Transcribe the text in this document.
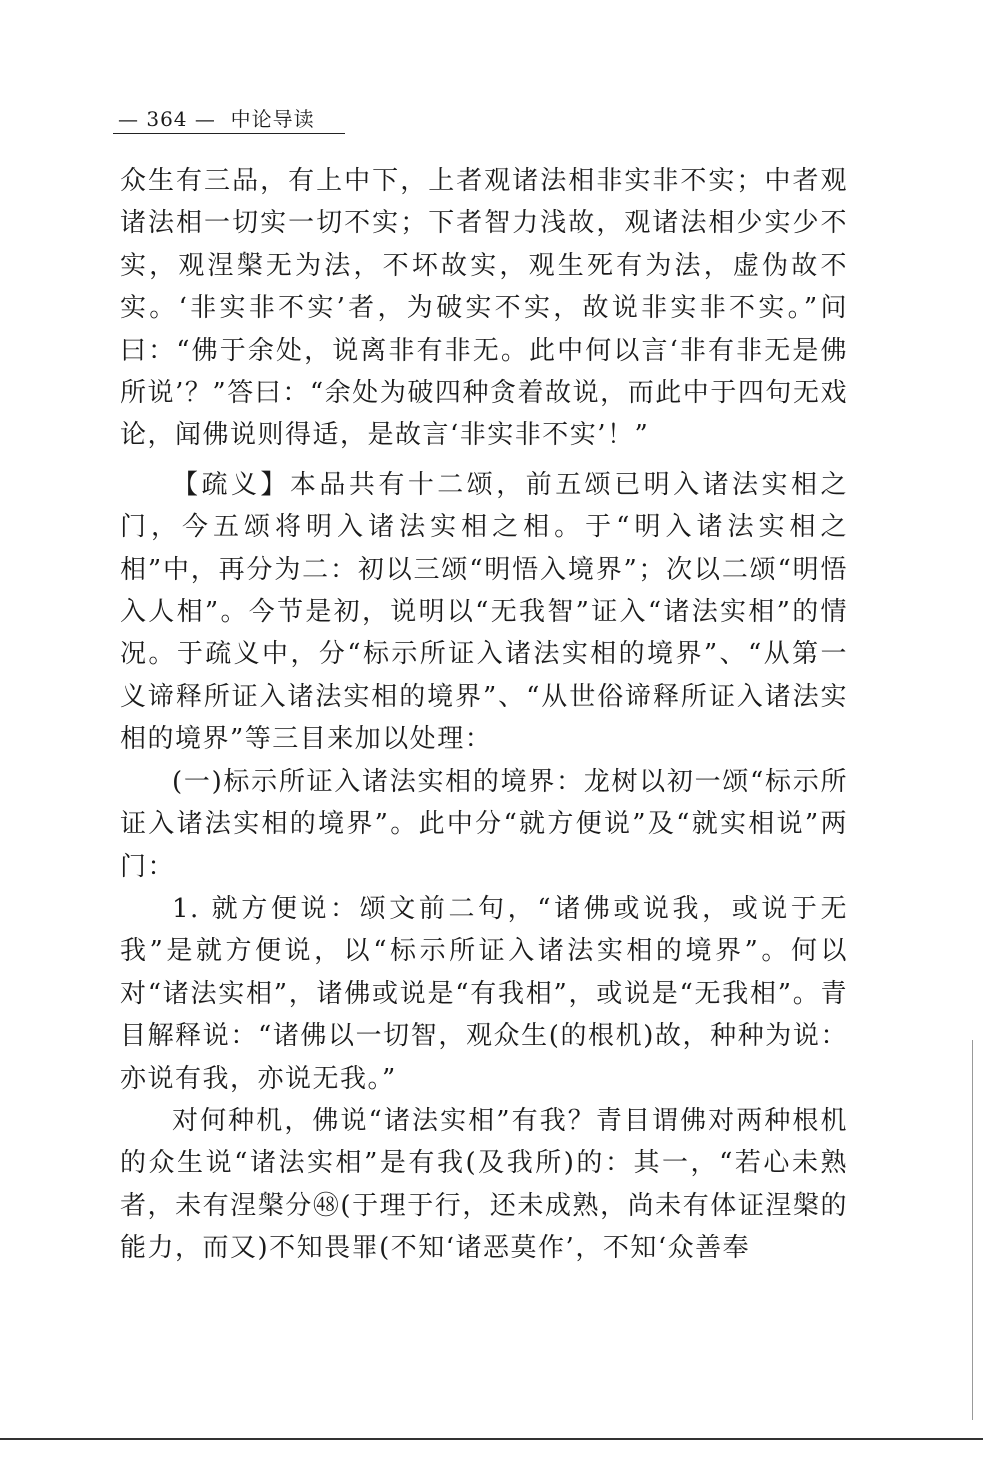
— 364 —  中论导读

众生有三品，有上中下，上者观诸法相非实非不实；中者观诸法相一切实一切不实；下者智力浅故，观诸法相少实少不实，观涅槃无为法，不坏故实，观生死有为法，虚伪故不实。‘非实非不实’者，为破实不实，故说非实非不实。”问曰：“佛于余处，说离非有非无。此中何以言‘非有非无是佛所说’？”答曰：“余处为破四种贪着故说，而此中于四句无戏论，闻佛说则得适，是故言‘非实非不实’！”

【疏义】本品共有十二颂，前五颂已明入诸法实相之门，今五颂将明入诸法实相之相。于“明入诸法实相之相”中，再分为二：初以三颂“明悟入境界”；次以二颂“明悟入人相”。今节是初，说明以“无我智”证入“诸法实相”的情况。于疏义中，分“标示所证入诸法实相的境界”、“从第一义谛释所证入诸法实相的境界”、“从世俗谛释所证入诸法实相的境界”等三目来加以处理：

(一)标示所证入诸法实相的境界：龙树以初一颂“标示所证入诸法实相的境界”。此中分“就方便说”及“就实相说”两门：

1. 就方便说：颂文前二句，“诸佛或说我，或说于无我”是就方便说，以“标示所证入诸法实相的境界”。何以对“诸法实相”，诸佛或说是“有我相”，或说是“无我相”。青目解释说：“诸佛以一切智，观众生(的根机)故，种种为说：亦说有我，亦说无我。”

对何种机，佛说“诸法实相”有我？青目谓佛对两种根机的众生说“诸法实相”是有我(及我所)的：其一，“若心未熟者，未有涅槃分㊽(于理于行，还未成熟，尚未有体证涅槃的能力，而又)不知畏罪(不知‘诸恶莫作’，不知‘众善奉
